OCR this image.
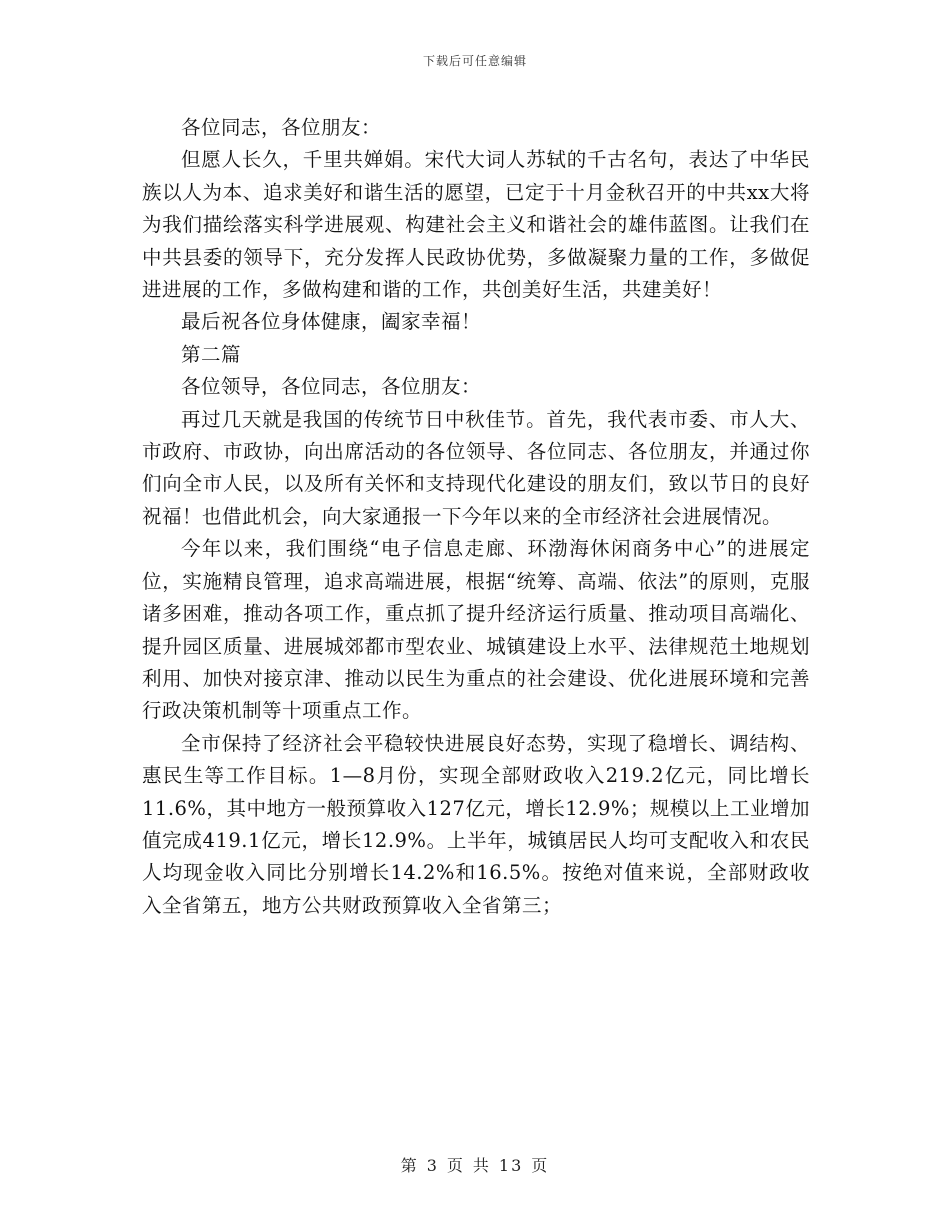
下载后可任意编辑

各位同志，各位朋友：

但愿人长久，千里共婵娟。宋代大词人苏轼的千古名句，表达了中华民族以人为本、追求美好和谐生活的愿望，已定于十月金秋召开的中共xx大将为我们描绘落实科学进展观、构建社会主义和谐社会的雄伟蓝图。让我们在中共县委的领导下，充分发挥人民政协优势，多做凝聚力量的工作，多做促进进展的工作，多做构建和谐的工作，共创美好生活，共建美好！

最后祝各位身体健康，阖家幸福！

第二篇

各位领导，各位同志，各位朋友：

再过几天就是我国的传统节日中秋佳节。首先，我代表市委、市人大、市政府、市政协，向出席活动的各位领导、各位同志、各位朋友，并通过你们向全市人民，以及所有关怀和支持现代化建设的朋友们，致以节日的良好祝福！也借此机会，向大家通报一下今年以来的全市经济社会进展情况。

今年以来，我们围绕“电子信息走廊、环渤海休闲商务中心”的进展定位，实施精良管理，追求高端进展，根据“统筹、高端、依法”的原则，克服诸多困难，推动各项工作，重点抓了提升经济运行质量、推动项目高端化、提升园区质量、进展城郊都市型农业、城镇建设上水平、法律规范土地规划利用、加快对接京津、推动以民生为重点的社会建设、优化进展环境和完善行政决策机制等十项重点工作。

全市保持了经济社会平稳较快进展良好态势，实现了稳增长、调结构、惠民生等工作目标。1—8月份，实现全部财政收入219.2亿元，同比增长11.6%，其中地方一般预算收入127亿元，增长12.9%；规模以上工业增加值完成419.1亿元，增长12.9%。上半年，城镇居民人均可支配收入和农民人均现金收入同比分别增长14.2%和16.5%。按绝对值来说，全部财政收入全省第五，地方公共财政预算收入全省第三；

第 3 页 共 13 页
